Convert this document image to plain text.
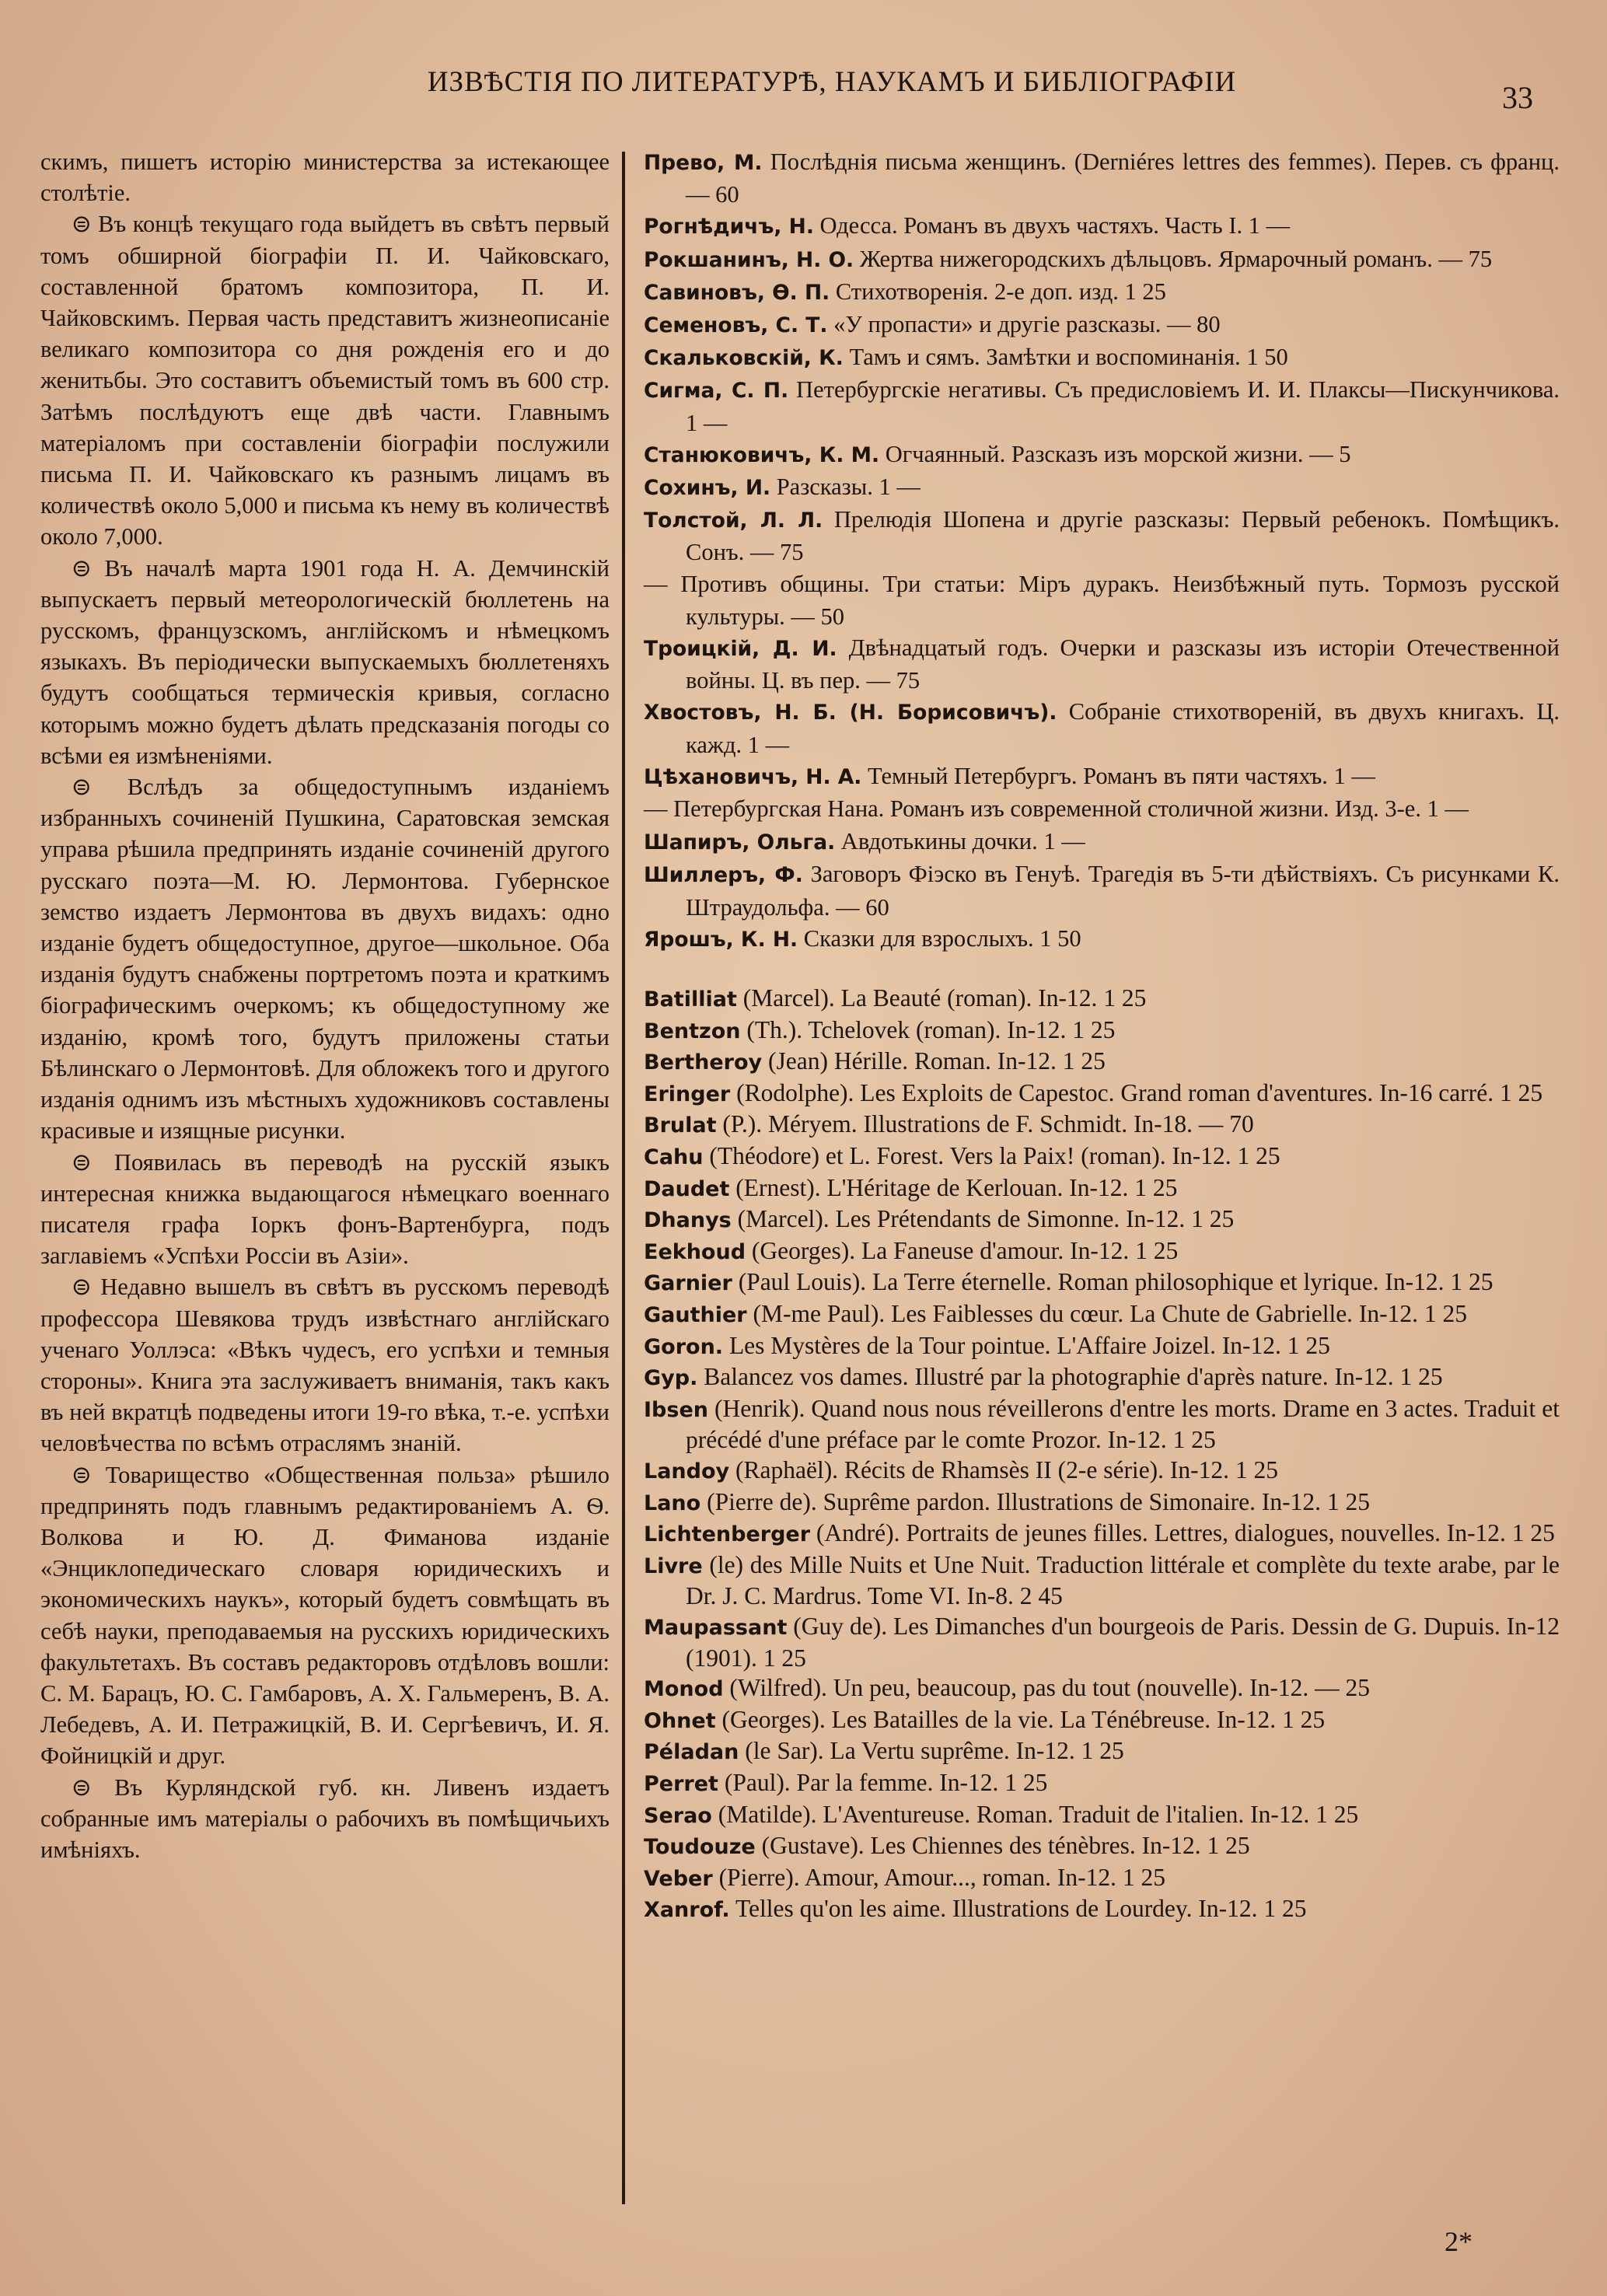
ИЗВѢСТІЯ ПО ЛИТЕРАТУРѢ, НАУКАМЪ И БИБЛІОГРАФІИ	33

скимъ, пишетъ исторію министерства за истекающее столѣтіе.

⊜ Въ концѣ текущаго года выйдетъ въ свѣтъ первый томъ обширной біографіи П. И. Чайковскаго, составленной братомъ композитора, П. И. Чайковскимъ. Первая часть представитъ жизнеописаніе великаго композитора со дня рожденія его и до женитьбы. Это составитъ объемистый томъ въ 600 стр. Затѣмъ послѣдуютъ еще двѣ части. Главнымъ матеріаломъ при составленіи біографіи послужили письма П. И. Чайковскаго къ разнымъ лицамъ въ количествѣ около 5,000 и письма къ нему въ количествѣ около 7,000.

⊜ Въ началѣ марта 1901 года Н. А. Демчинскій выпускаетъ первый метеорологическій бюллетень на русскомъ, французскомъ, англійскомъ и нѣмецкомъ языкахъ. Въ періодически выпускаемыхъ бюллетеняхъ будутъ сообщаться термическія кривыя, согласно которымъ можно будетъ дѣлать предсказанія погоды со всѣми ея измѣненіями.

⊜ Вслѣдъ за общедоступнымъ изданіемъ избранныхъ сочиненій Пушкина, Саратовская земская управа рѣшила предпринять изданіе сочиненій другого русскаго поэта—М. Ю. Лермонтова. Губернское земство издаетъ Лермонтова въ двухъ видахъ: одно изданіе будетъ общедоступное, другое—школьное. Оба изданія будутъ снабжены портретомъ поэта и краткимъ біографическимъ очеркомъ; къ общедоступному же изданію, кромѣ того, будутъ приложены статьи Бѣлинскаго о Лермонтовѣ. Для обложекъ того и другого изданія однимъ изъ мѣстныхъ художниковъ составлены красивые и изящные рисунки.

⊜ Появилась въ переводѣ на русскій языкъ интересная книжка выдающагося нѣмецкаго военнаго писателя графа Іоркъ фонъ-Вартенбурга, подъ заглавіемъ «Успѣхи Россіи въ Азіи».

⊜ Недавно вышелъ въ свѣтъ въ русскомъ переводѣ профессора Шевякова трудъ извѣстнаго англійскаго ученаго Уоллэса: «Вѣкъ чудесъ, его успѣхи и темныя стороны». Книга эта заслуживаетъ вниманія, такъ какъ въ ней вкратцѣ подведены итоги 19-го вѣка, т.-е. успѣхи человѣчества по всѣмъ отраслямъ знаній.

⊜ Товарищество «Общественная польза» рѣшило предпринять подъ главнымъ редактированіемъ А. Ѳ. Волкова и Ю. Д. Фиманова изданіе «Энциклопедическаго словаря юридическихъ и экономическихъ наукъ», который будетъ совмѣщать въ себѣ науки, преподаваемыя на русскихъ юридическихъ факультетахъ. Въ составъ редакторовъ отдѣловъ вошли: С. М. Барацъ, Ю. С. Гамбаровъ, А. Х. Гальмеренъ, В. А. Лебедевъ, А. И. Петражицкій, В. И. Сергѣевичъ, И. Я. Фойницкій и друг.

⊜ Въ Курляндской губ. кн. Ливенъ издаетъ собранные имъ матеріалы о рабочихъ въ помѣщичьихъ имѣніяхъ.

Прево, М. Послѣднія письма женщинъ. (Derniéres lettres des femmes). Перев. съ франц. — 60

Рогнѣдичъ, Н. Одесса. Романъ въ двухъ частяхъ. Часть I. 1 —

Рокшанинъ, Н. О. Жертва нижегородскихъ дѣльцовъ. Ярмарочный романъ. — 75

Савиновъ, Ѳ. П. Стихотворенія. 2-е доп. изд. 1 25

Семеновъ, С. Т. «У пропасти» и другіе разсказы. — 80

Скальковскій, К. Тамъ и сямъ. Замѣтки и воспоминанія. 1 50

Сигма, С. П. Петербургскіе негативы. Съ предисловіемъ И. И. Плаксы—Пискунчикова. 1 —

Станюковичъ, К. М. Огчаянный. Разсказъ изъ морской жизни. — 5

Сохинъ, И. Разсказы. 1 —

Толстой, Л. Л. Прелюдія Шопена и другіе разсказы: Первый ребенокъ. Помѣщикъ. Сонъ. — 75

— Противъ общины. Три статьи: Міръ дуракъ. Неизбѣжный путь. Тормозъ русской культуры. — 50

Троицкій, Д. И. Двѣнадцатый годъ. Очерки и разсказы изъ исторіи Отечественной войны. Ц. въ пер. — 75

Хвостовъ, Н. Б. (Н. Борисовичъ). Собраніе стихотвореній, въ двухъ книгахъ. Ц. кажд. 1 —

Цѣхановичъ, Н. А. Темный Петербургъ. Романъ въ пяти частяхъ. 1 —

— Петербургская Нана. Романъ изъ современной столичной жизни. Изд. 3-е. 1 —

Шапиръ, Ольга. Авдотькины дочки. 1 —

Шиллеръ, Ф. Заговоръ Фіэско въ Генуѣ. Трагедія въ 5-ти дѣйствіяхъ. Съ рисунками К. Штраудольфа. — 60

Ярошъ, К. Н. Сказки для взрослыхъ. 1 50

Batilliat (Marcel). La Beauté (roman). In-12. 1 25

Bentzon (Th.). Tchelovek (roman). In-12. 1 25

Bertheroy (Jean) Hérille. Roman. In-12. 1 25

Eringer (Rodolphe). Les Exploits de Capestoc. Grand roman d'aventures. In-16 carré. 1 25

Brulat (P.). Méryem. Illustrations de F. Schmidt. In-18. — 70

Cahu (Théodore) et L. Forest. Vers la Paix! (roman). In-12. 1 25

Daudet (Ernest). L'Héritage de Kerlouan. In-12. 1 25

Dhanys (Marcel). Les Prétendants de Simonne. In-12. 1 25

Eekhoud (Georges). La Faneuse d'amour. In-12. 1 25

Garnier (Paul Louis). La Terre éternelle. Roman philosophique et lyrique. In-12. 1 25

Gauthier (M-me Paul). Les Faiblesses du cœur. La Chute de Gabrielle. In-12. 1 25

Goron. Les Mystères de la Tour pointue. L'Affaire Joizel. In-12. 1 25

Gyp. Balancez vos dames. Illustré par la photographie d'après nature. In-12. 1 25

Ibsen (Henrik). Quand nous nous réveillerons d'entre les morts. Drame en 3 actes. Traduit et précédé d'une préface par le comte Prozor. In-12. 1 25

Landoy (Raphaël). Récits de Rhamsès II (2-e série). In-12. 1 25

Lano (Pierre de). Suprême pardon. Illustrations de Simonaire. In-12. 1 25

Lichtenberger (André). Portraits de jeunes filles. Lettres, dialogues, nouvelles. In-12. 1 25

Livre (le) des Mille Nuits et Une Nuit. Traduction littérale et complète du texte arabe, par le Dr. J. C. Mardrus. Tome VI. In-8. 2 45

Maupassant (Guy de). Les Dimanches d'un bourgeois de Paris. Dessin de G. Dupuis. In-12 (1901). 1 25

Monod (Wilfred). Un peu, beaucoup, pas du tout (nouvelle). In-12. — 25

Ohnet (Georges). Les Batailles de la vie. La Ténébreuse. In-12. 1 25

Péladan (le Sar). La Vertu suprême. In-12. 1 25

Perret (Paul). Par la femme. In-12. 1 25

Serao (Matilde). L'Aventureuse. Roman. Traduit de l'italien. In-12. 1 25

Toudouze (Gustave). Les Chiennes des ténèbres. In-12. 1 25

Veber (Pierre). Amour, Amour..., roman. In-12. 1 25

Xanrof. Telles qu'on les aime. Illustrations de Lourdey. In-12. 1 25

2*
